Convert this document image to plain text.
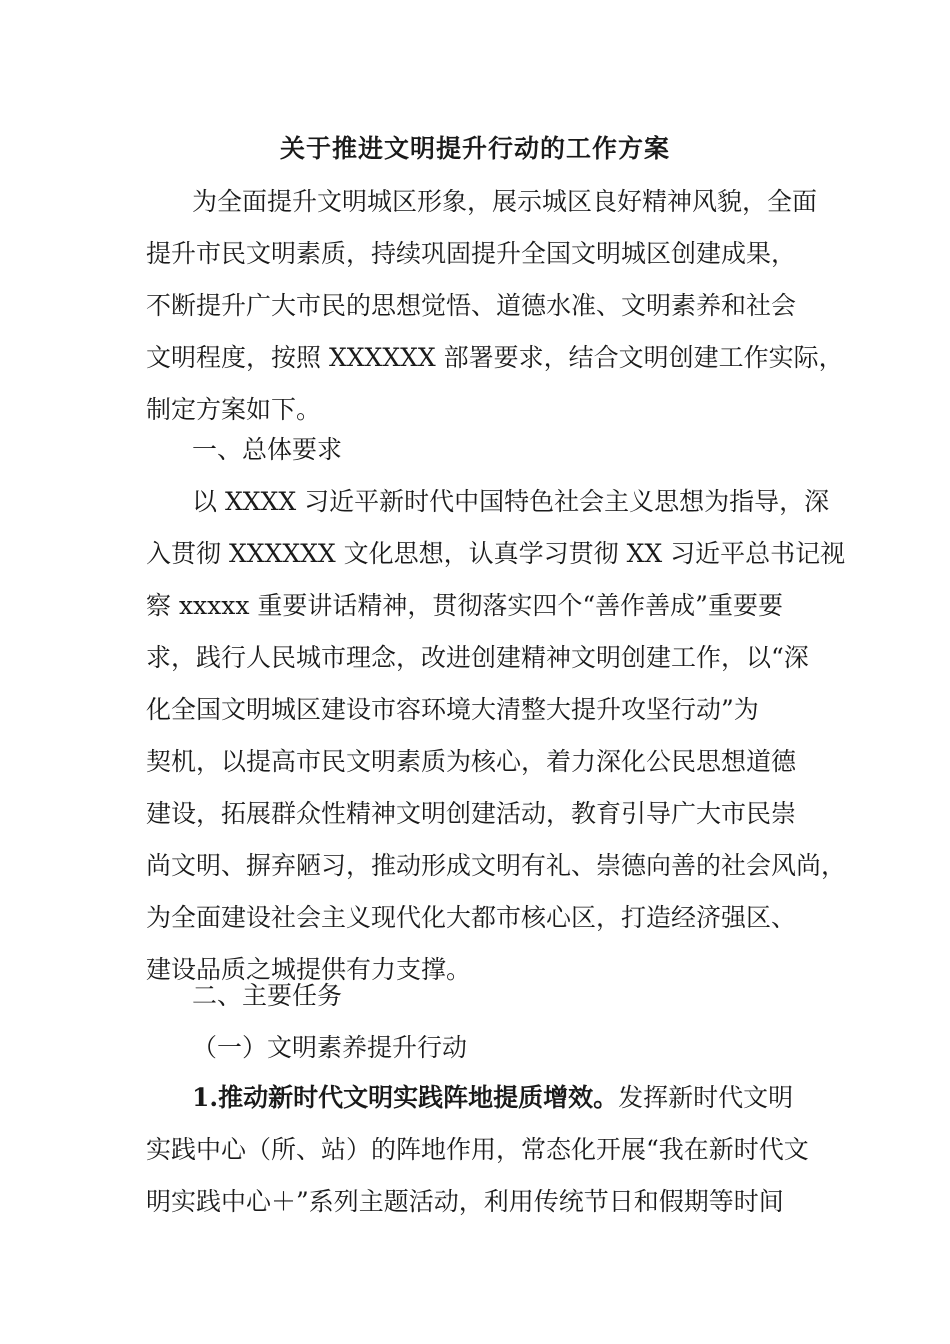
关于推进文明提升行动的工作方案
为全面提升文明城区形象，展示城区良好精神风貌，全面
提升市民文明素质，持续巩固提升全国文明城区创建成果，
不断提升广大市民的思想觉悟、道德水准、文明素养和社会
文明程度，按照 XXXXXX 部署要求，结合文明创建工作实际，
制定方案如下。
一、总体要求
以 XXXX 习近平新时代中国特色社会主义思想为指导，深
入贯彻 XXXXXX 文化思想，认真学习贯彻 XX 习近平总书记视
察 xxxxx 重要讲话精神，贯彻落实四个“善作善成”重要要
求，践行人民城市理念，改进创建精神文明创建工作，以“深
化全国文明城区建设市容环境大清整大提升攻坚行动”为
契机，以提高市民文明素质为核心，着力深化公民思想道德
建设，拓展群众性精神文明创建活动，教育引导广大市民崇
尚文明、摒弃陋习，推动形成文明有礼、崇德向善的社会风尚，
为全面建设社会主义现代化大都市核心区，打造经济强区、
建设品质之城提供有力支撑。
二、主要任务
（一）文明素养提升行动
1.推动新时代文明实践阵地提质增效。发挥新时代文明
实践中心（所、站）的阵地作用，常态化开展“我在新时代文
明实践中心＋”系列主题活动，利用传统节日和假期等时间
